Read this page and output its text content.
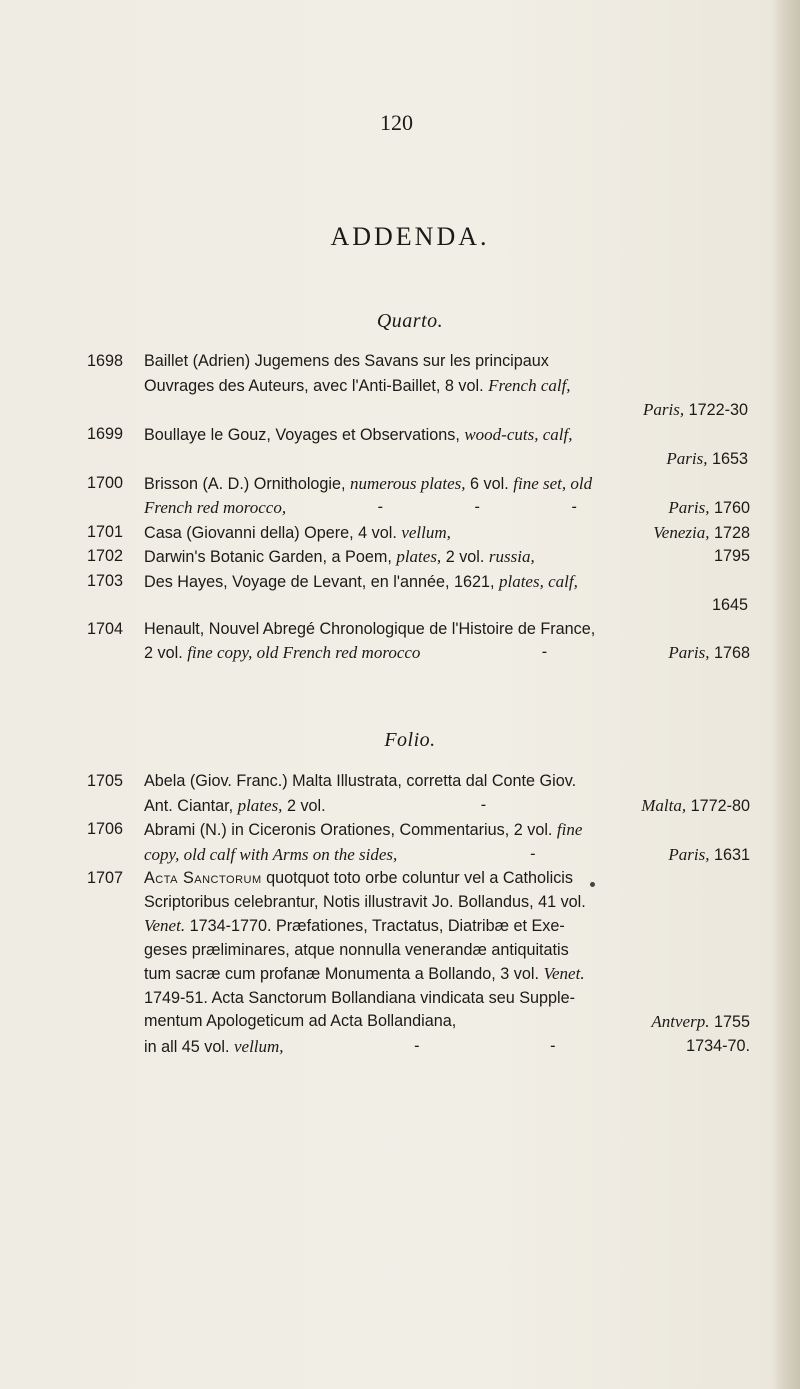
120
ADDENDA.
Quarto.
1698	Baillet (Adrien) Jugemens des Savans sur les principaux
Ouvrages des Auteurs, avec l'Anti-Baillet, 8 vol. French calf,
Paris, 1722-30
1699	Boullaye le Gouz, Voyages et Observations, wood-cuts, calf,
Paris, 1653
1700	Brisson (A. D.) Ornithologie, numerous plates, 6 vol. fine set, old
French red morocco,	-	-	-	Paris, 1760
1701	Casa (Giovanni della) Opere, 4 vol. vellum,	Venezia, 1728
1702	Darwin's Botanic Garden, a Poem, plates, 2 vol. russia,	1795
1703	Des Hayes, Voyage de Levant, en l'année, 1621, plates, calf,
1645
1704	Henault, Nouvel Abregé Chronologique de l'Histoire de France,
2 vol. fine copy, old French red morocco	-	Paris, 1768
Folio.
1705	Abela (Giov. Franc.) Malta Illustrata, corretta dal Conte Giov.
Ant. Ciantar, plates, 2 vol.	-	Malta, 1772-80
1706	Abrami (N.) in Ciceronis Orationes, Commentarius, 2 vol. fine
copy, old calf with Arms on the sides,	-	Paris, 1631
1707	Acta Sanctorum quotquot toto orbe coluntur vel a Catholicis
Scriptoribus celebrantur, Notis illustravit Jo. Bollandus, 41 vol.
Venet. 1734-1770. Præfationes, Tractatus, Diatribæ et Exe-
geses præliminares, atque nonnulla venerandæ antiquitatis
tum sacræ cum profanæ Monumenta a Bollando, 3 vol. Venet.
1749-51. Acta Sanctorum Bollandiana vindicata seu Supple-
mentum Apologeticum ad Acta Bollandiana,	Antverp. 1755
in all 45 vol. vellum,	-	-	1734-70.
